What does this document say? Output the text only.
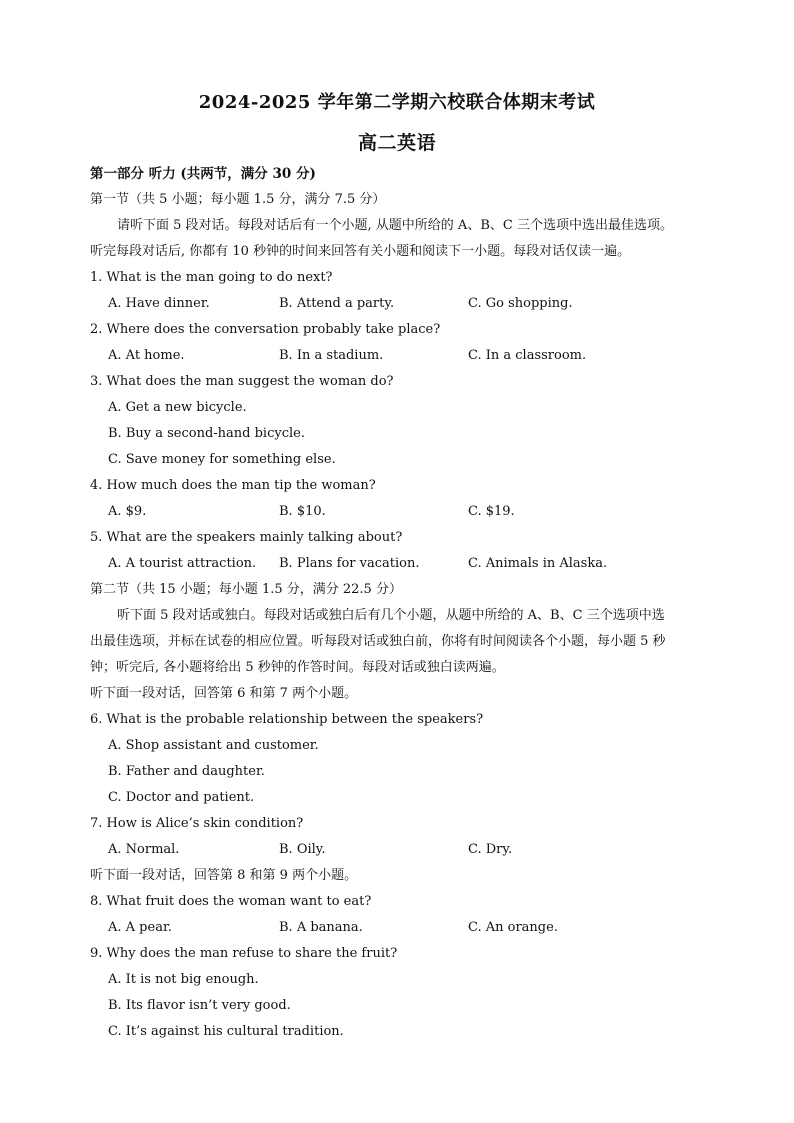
2024-2025 学年第二学期六校联合体期末考试
高二英语
第一部分 听力 (共两节，满分 30 分)
第一节（共 5 小题；每小题 1.5 分，满分 7.5 分）
请听下面 5 段对话。每段对话后有一个小题, 从题中所给的 A、B、C 三个选项中选出最佳选项。
听完每段对话后, 你都有 10 秒钟的时间来回答有关小题和阅读下一小题。每段对话仅读一遍。
1. What is the man going to do next?
A. Have dinner.	B. Attend a party.	C. Go shopping.
2. Where does the conversation probably take place?
A. At home.	B. In a stadium.	C. In a classroom.
3. What does the man suggest the woman do?
A. Get a new bicycle.
B. Buy a second-hand bicycle.
C. Save money for something else.
4. How much does the man tip the woman?
A. $9.	B. $10.	C. $19.
5. What are the speakers mainly talking about?
A. A tourist attraction. B. Plans for vacation.	C. Animals in Alaska.
第二节（共 15 小题；每小题 1.5 分，满分 22.5 分）
听下面 5 段对话或独白。每段对话或独白后有几个小题，从题中所给的 A、B、C 三个选项中选
出最佳选项，并标在试卷的相应位置。听每段对话或独白前，你将有时间阅读各个小题，每小题 5 秒
钟；听完后, 各小题将给出 5 秒钟的作答时间。每段对话或独白读两遍。
听下面一段对话，回答第 6 和第 7 两个小题。
6. What is the probable relationship between the speakers?
A. Shop assistant and customer.
B. Father and daughter.
C. Doctor and patient.
7. How is Alice’s skin condition?
A. Normal.	B. Oily.	C. Dry.
听下面一段对话，回答第 8 和第 9 两个小题。
8. What fruit does the woman want to eat?
A. A pear.	B. A banana.	C. An orange.
9. Why does the man refuse to share the fruit?
A. It is not big enough.
B. Its flavor isn’t very good.
C. It’s against his cultural tradition.
